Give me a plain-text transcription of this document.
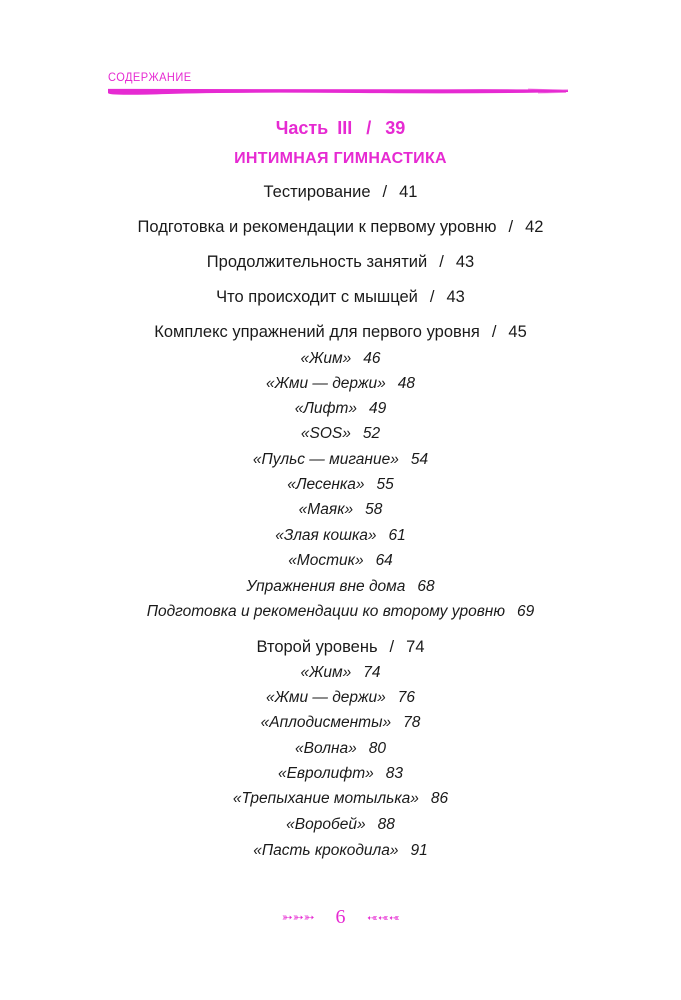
СОДЕРЖАНИЕ
Часть III / 39
ИНТИМНАЯ ГИМНАСТИКА
Тестирование / 41
Подготовка и рекомендации к первому уровню / 42
Продолжительность занятий / 43
Что происходит с мышцей / 43
Комплекс упражнений для первого уровня / 45
«Жим» 46
«Жми — держи» 48
«Лифт» 49
«SOS» 52
«Пульс — мигание» 54
«Лесенка» 55
«Маяк» 58
«Злая кошка» 61
«Мостик» 64
Упражнения вне дома 68
Подготовка и рекомендации ко второму уровню 69
Второй уровень / 74
«Жим» 74
«Жми — держи» 76
«Аплодисменты» 78
«Волна» 80
«Евролифт» 83
«Трепыхание мотылька» 86
«Воробей» 88
«Пасть крокодила» 91
➳➳➳ 6 ➳➳➳
